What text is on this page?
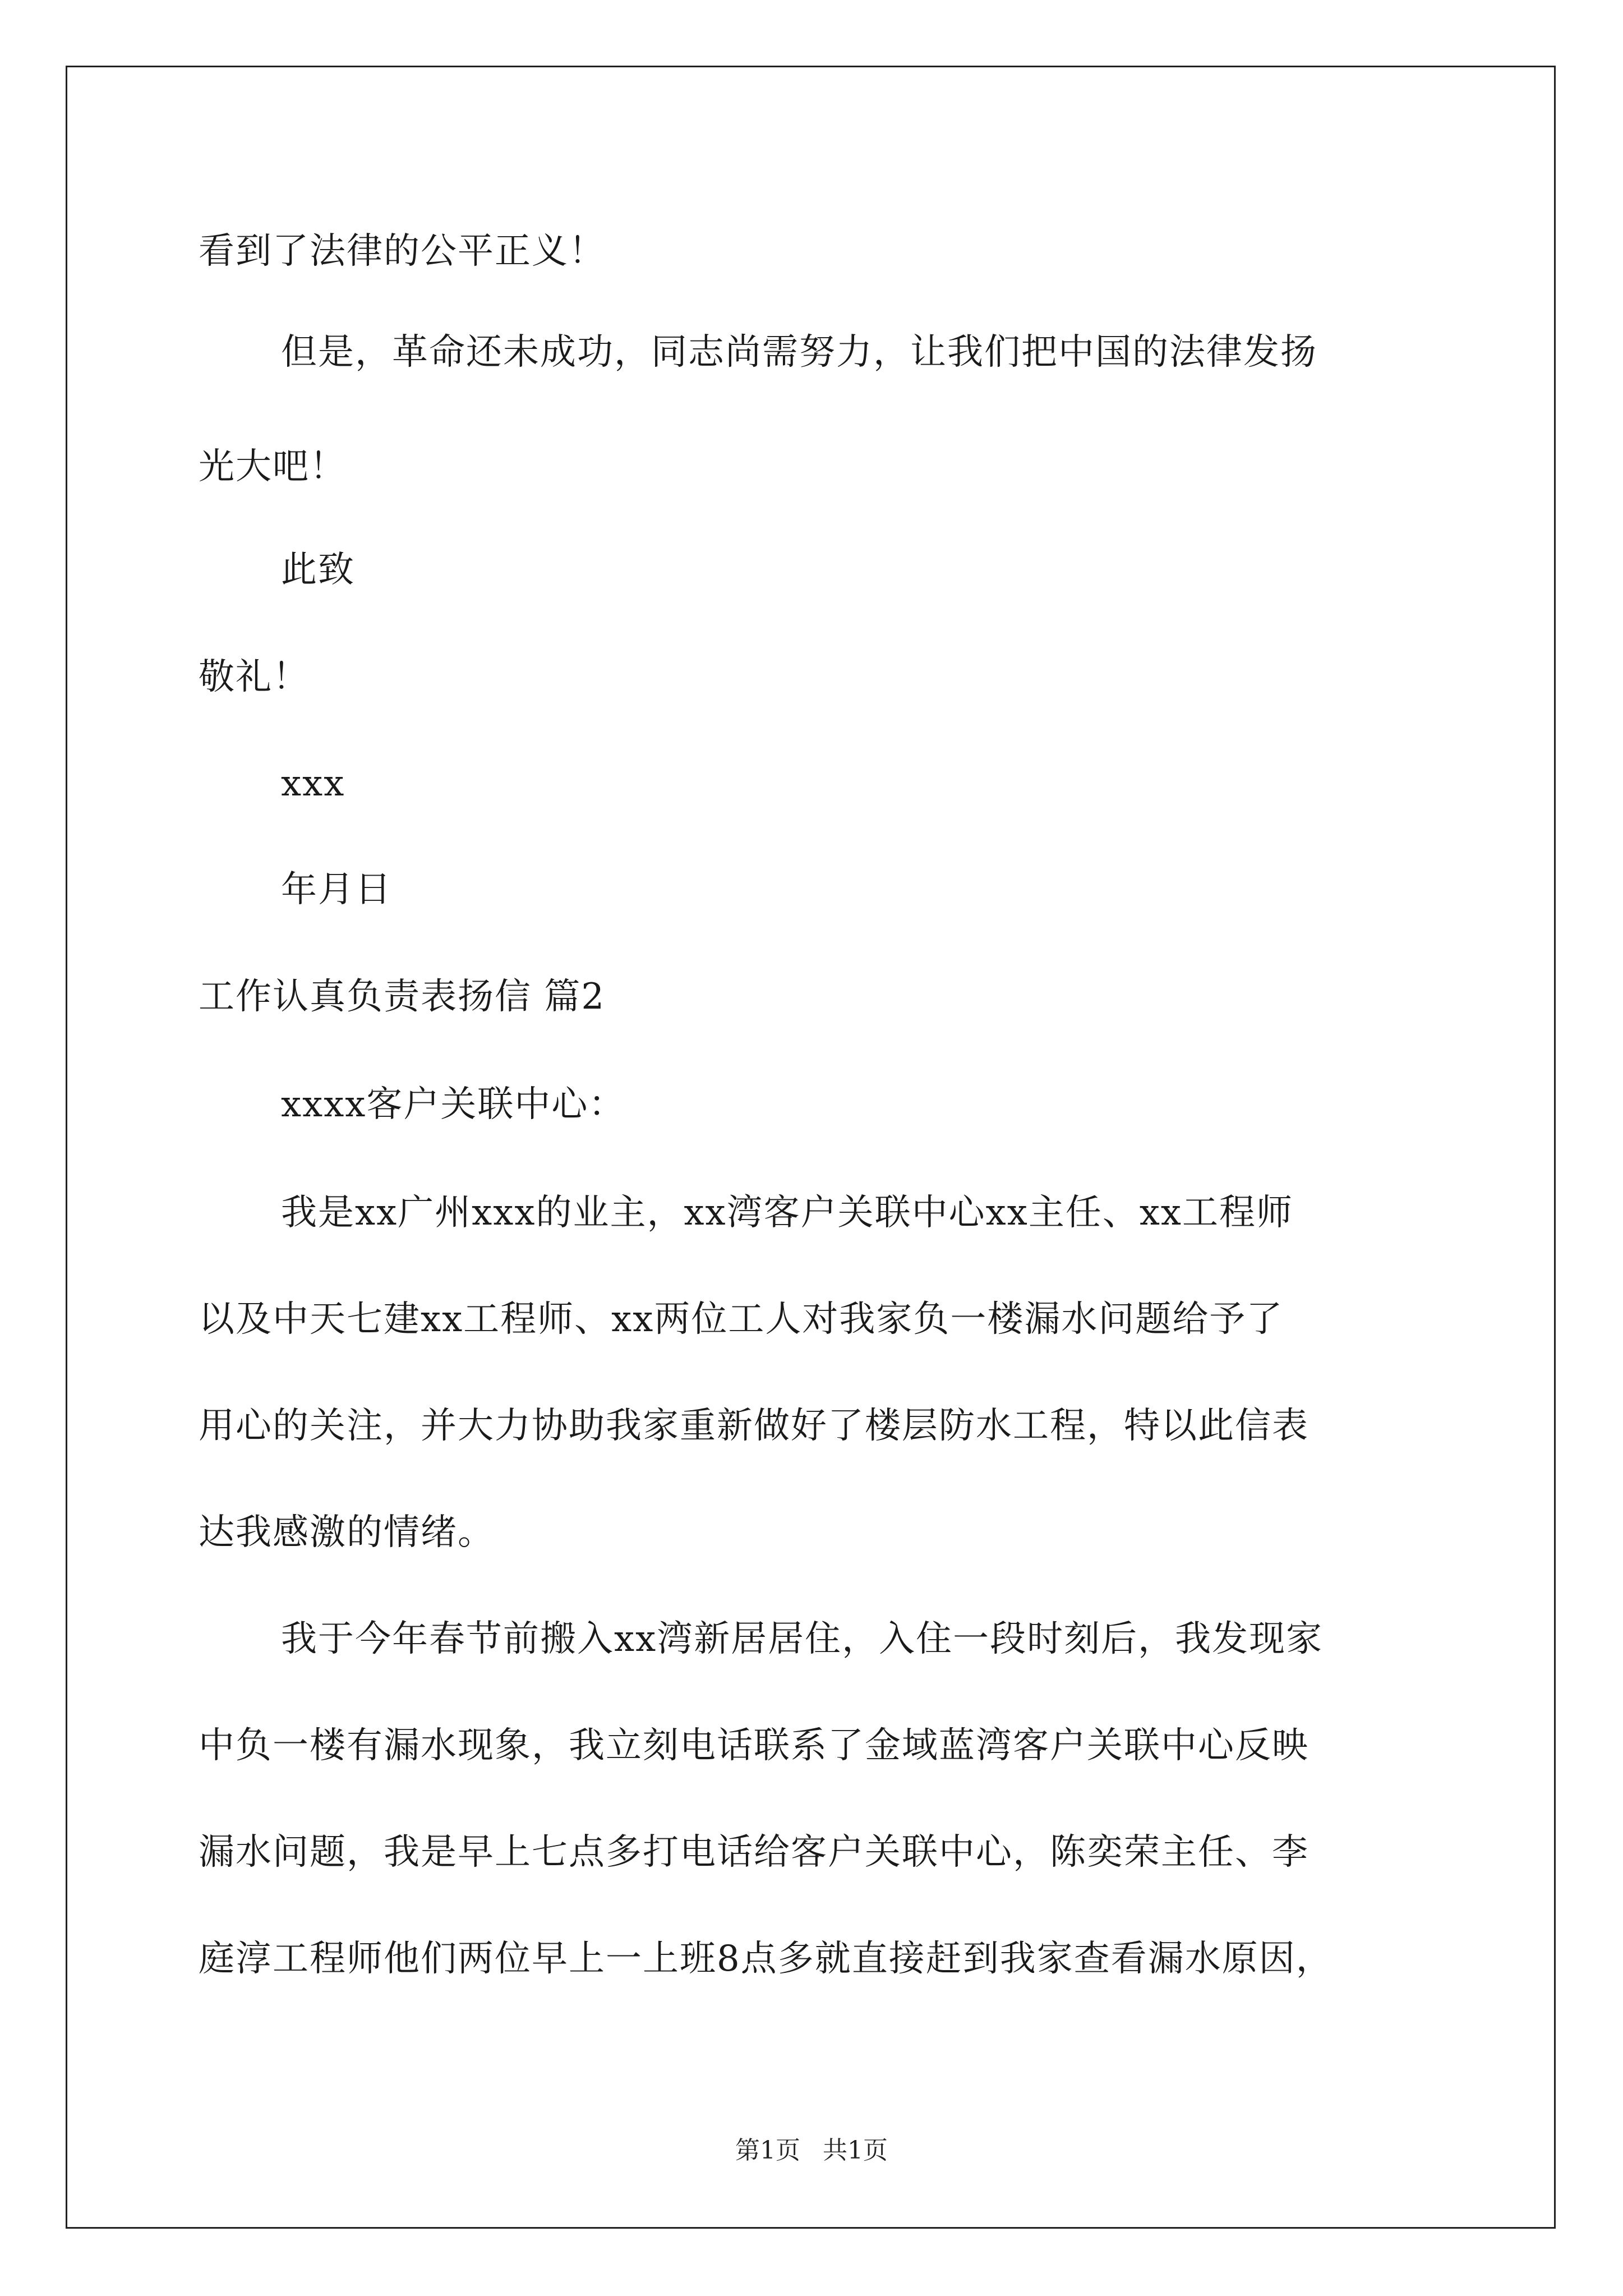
看到了法律的公平正义！
但是，革命还未成功，同志尚需努力，让我们把中国的法律发扬
光大吧！
此致
敬礼！
xxx
年月日
工作认真负责表扬信 篇2
xxxx客户关联中心：
我是xx广州xxx的业主，xx湾客户关联中心xx主任、xx工程师
以及中天七建xx工程师、xx两位工人对我家负一楼漏水问题给予了
用心的关注，并大力协助我家重新做好了楼层防水工程，特以此信表
达我感激的情绪。
我于今年春节前搬入xx湾新居居住，入住一段时刻后，我发现家
中负一楼有漏水现象，我立刻电话联系了金域蓝湾客户关联中心反映
漏水问题，我是早上七点多打电话给客户关联中心，陈奕荣主任、李
庭淳工程师他们两位早上一上班8点多就直接赶到我家查看漏水原因，
第1页 共1页
